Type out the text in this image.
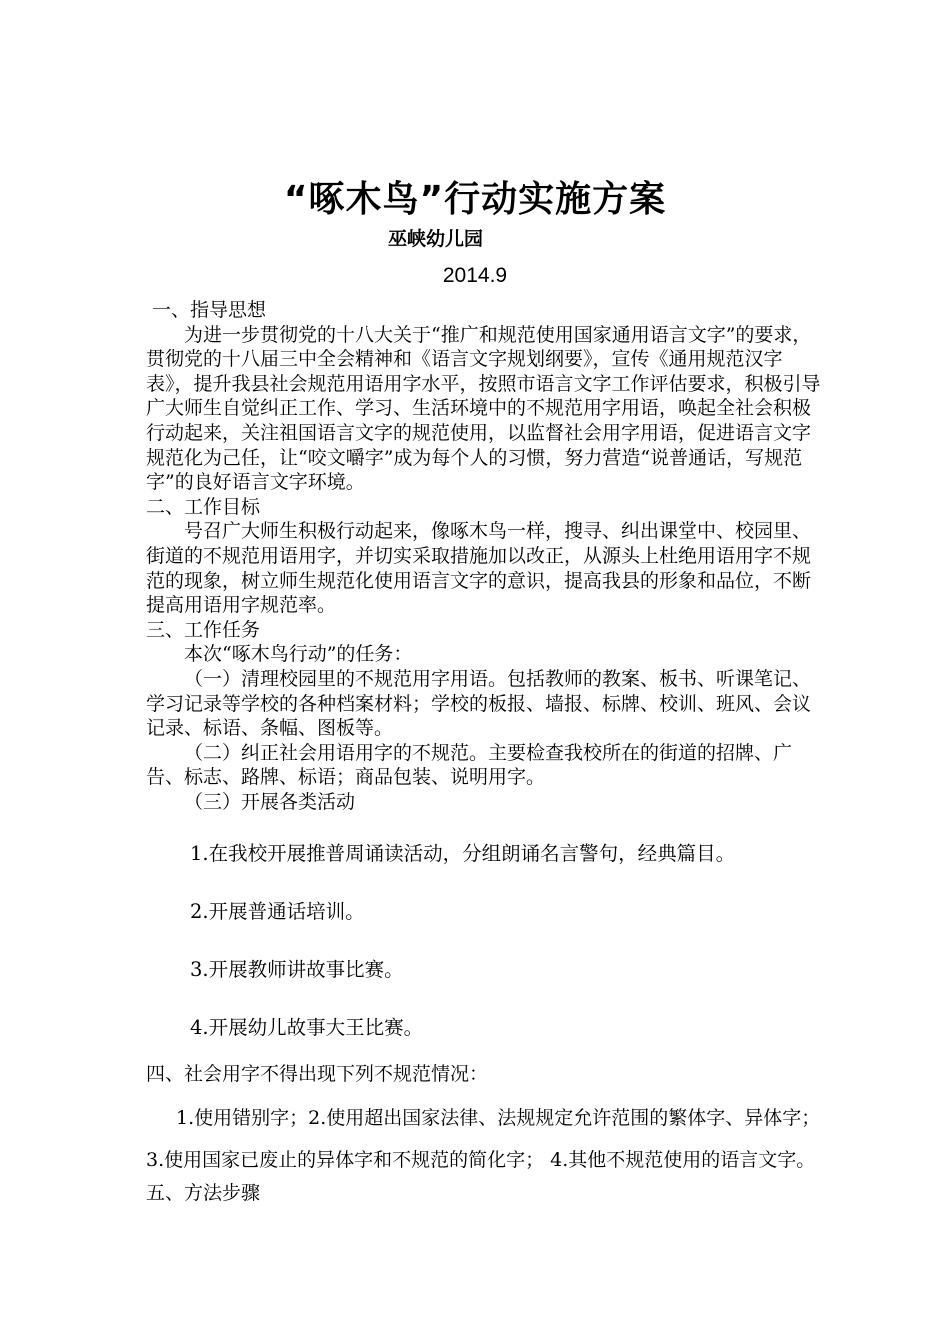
“啄木鸟”行动实施方案
巫峡幼儿园
2014.9

一、指导思想

为进一步贯彻党的十八大关于“推广和规范使用国家通用语言文字”的要求，贯彻党的十八届三中全会精神和《语言文字规划纲要》，宣传《通用规范汉字表》，提升我县社会规范用语用字水平，按照市语言文字工作评估要求，积极引导广大师生自觉纠正工作、学习、生活环境中的不规范用字用语，唤起全社会积极行动起来，关注祖国语言文字的规范使用，以监督社会用字用语，促进语言文字规范化为己任，让“咬文嚼字”成为每个人的习惯，努力营造“说普通话，写规范字”的良好语言文字环境。

二、工作目标

号召广大师生积极行动起来，像啄木鸟一样，搜寻、纠出课堂中、校园里、街道的不规范用语用字，并切实采取措施加以改正，从源头上杜绝用语用字不规范的现象，树立师生规范化使用语言文字的意识，提高我县的形象和品位，不断提高用语用字规范率。

三、工作任务

本次“啄木鸟行动”的任务：

（一）清理校园里的不规范用字用语。包括教师的教案、板书、听课笔记、学习记录等学校的各种档案材料；学校的板报、墙报、标牌、校训、班风、会议记录、标语、条幅、图板等。

（二）纠正社会用语用字的不规范。主要检查我校所在的街道的招牌、广告、标志、路牌、标语；商品包装、说明用字。

（三）开展各类活动

1.在我校开展推普周诵读活动，分组朗诵名言警句，经典篇目。

2.开展普通话培训。

3.开展教师讲故事比赛。

4.开展幼儿故事大王比赛。

四、社会用字不得出现下列不规范情况：

1.使用错别字；2.使用超出国家法律、法规规定允许范围的繁体字、异体字；3.使用国家已废止的异体字和不规范的简化字； 4.其他不规范使用的语言文字。

五、方法步骤
